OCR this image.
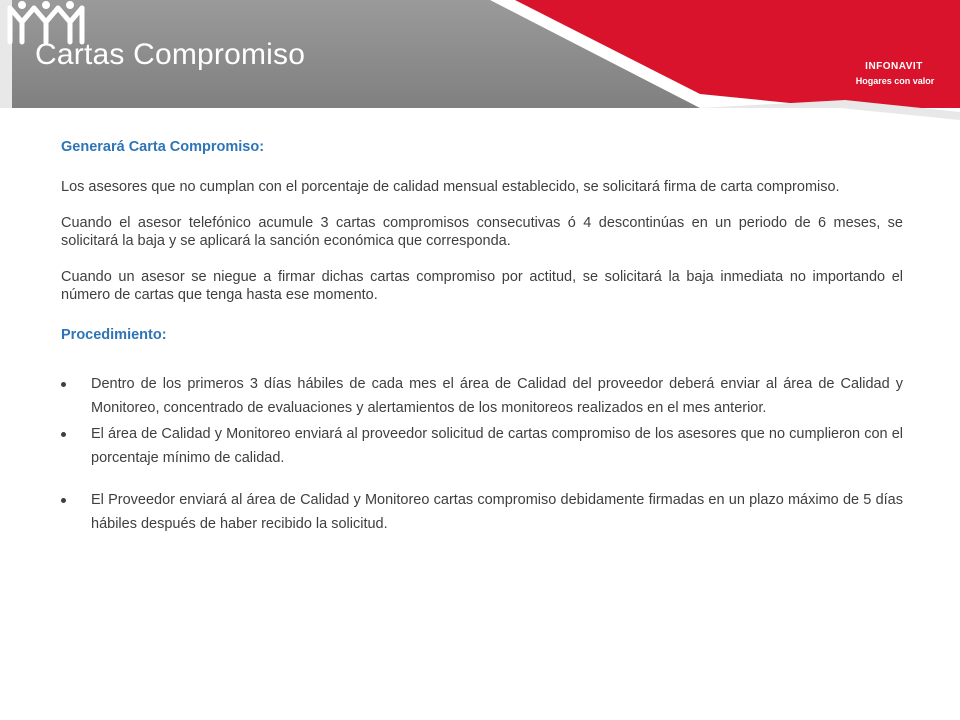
Cartas Compromiso	INFONAVIT
Hogares con valor

Generará Carta Compromiso:

Los asesores que no cumplan con el porcentaje de calidad mensual establecido, se solicitará firma de carta compromiso.

Cuando el asesor telefónico acumule 3 cartas compromisos consecutivas ó 4 descontinúas en un periodo de 6 meses, se solicitará la baja y se aplicará la sanción económica que corresponda.

Cuando un asesor se niegue a firmar dichas cartas compromiso por actitud, se solicitará la baja inmediata no importando el número de cartas que tenga hasta ese momento.

Procedimiento:

Dentro de los primeros 3 días hábiles de cada mes el área de Calidad del proveedor deberá enviar al área de Calidad y Monitoreo, concentrado de evaluaciones y alertamientos de los monitoreos realizados en el mes anterior.
El área de Calidad y Monitoreo enviará al proveedor solicitud de cartas compromiso de los asesores que no cumplieron con el porcentaje mínimo de calidad.
El Proveedor enviará al área de Calidad y Monitoreo cartas compromiso debidamente firmadas en un plazo máximo de 5 días hábiles después de haber recibido la solicitud.
